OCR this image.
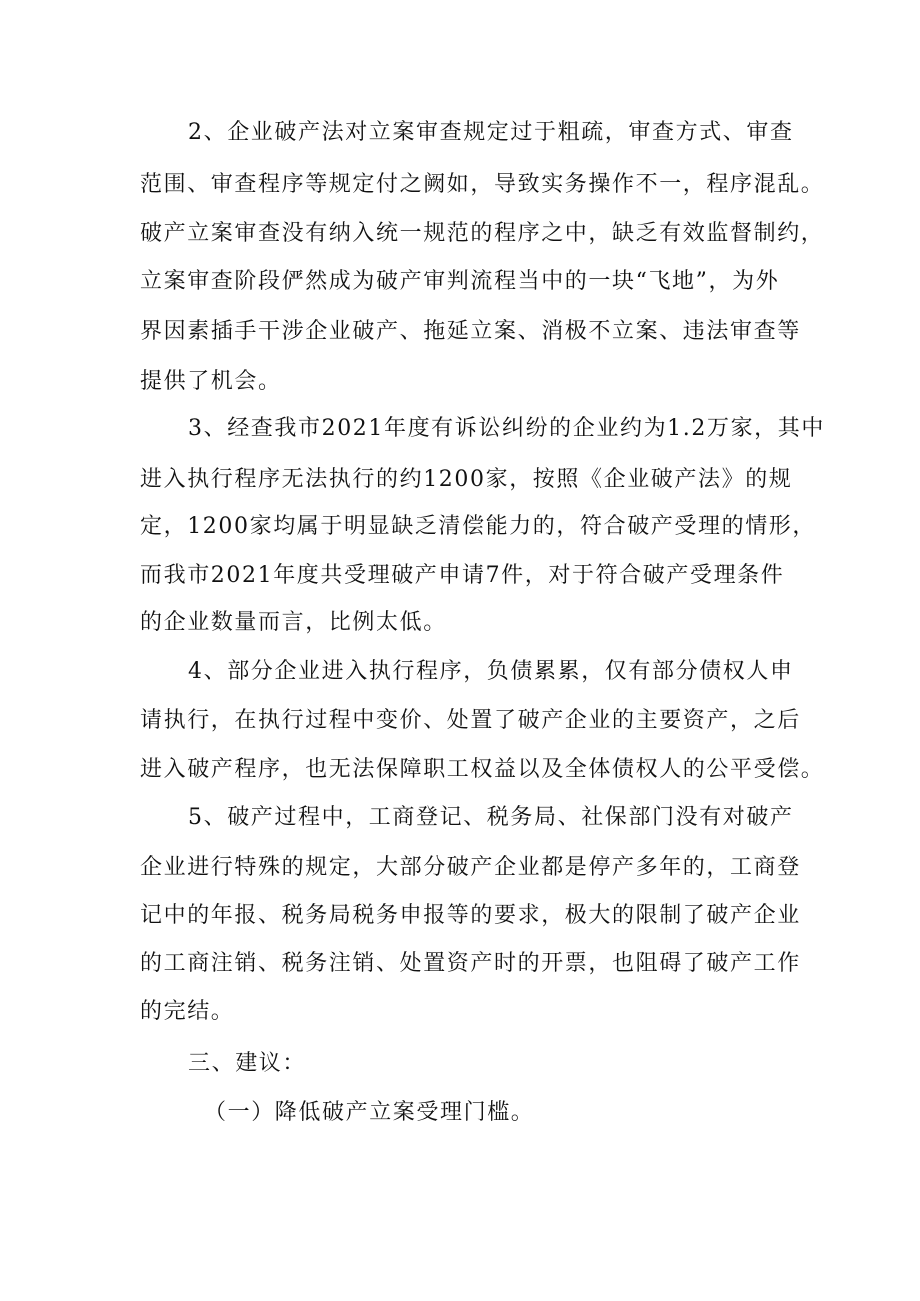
2、企业破产法对立案审查规定过于粗疏，审查方式、审查
范围、审查程序等规定付之阙如，导致实务操作不一，程序混乱。
破产立案审查没有纳入统一规范的程序之中，缺乏有效监督制约，
立案审查阶段俨然成为破产审判流程当中的一块“飞地”，为外
界因素插手干涉企业破产、拖延立案、消极不立案、违法审查等
提供了机会。
3、经查我市2021年度有诉讼纠纷的企业约为1.2万家，其中
进入执行程序无法执行的约1200家，按照《企业破产法》的规
定，1200家均属于明显缺乏清偿能力的，符合破产受理的情形，
而我市2021年度共受理破产申请7件，对于符合破产受理条件
的企业数量而言，比例太低。
4、部分企业进入执行程序，负债累累，仅有部分债权人申
请执行，在执行过程中变价、处置了破产企业的主要资产，之后
进入破产程序，也无法保障职工权益以及全体债权人的公平受偿。
5、破产过程中，工商登记、税务局、社保部门没有对破产
企业进行特殊的规定，大部分破产企业都是停产多年的，工商登
记中的年报、税务局税务申报等的要求，极大的限制了破产企业
的工商注销、税务注销、处置资产时的开票，也阻碍了破产工作
的完结。
三、建议：
（一）降低破产立案受理门槛。
